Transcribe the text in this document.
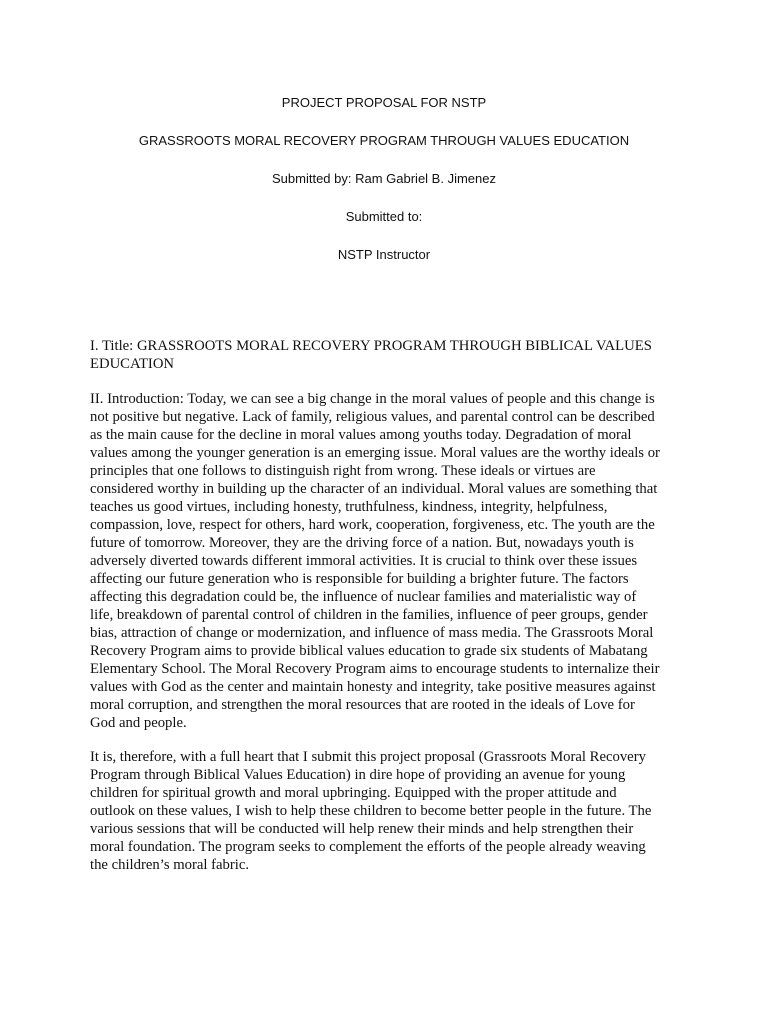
PROJECT PROPOSAL FOR NSTP
GRASSROOTS MORAL RECOVERY PROGRAM THROUGH VALUES EDUCATION
Submitted by: Ram Gabriel B. Jimenez
Submitted to:
NSTP Instructor
I. Title: GRASSROOTS MORAL RECOVERY PROGRAM THROUGH BIBLICAL VALUES
EDUCATION
II. Introduction: Today, we can see a big change in the moral values of people and this change is
not positive but negative. Lack of family, religious values, and parental control can be described
as the main cause for the decline in moral values among youths today. Degradation of moral
values among the younger generation is an emerging issue. Moral values are the worthy ideals or
principles that one follows to distinguish right from wrong. These ideals or virtues are
considered worthy in building up the character of an individual. Moral values are something that
teaches us good virtues, including honesty, truthfulness, kindness, integrity, helpfulness,
compassion, love, respect for others, hard work, cooperation, forgiveness, etc. The youth are the
future of tomorrow. Moreover, they are the driving force of a nation. But, nowadays youth is
adversely diverted towards different immoral activities. It is crucial to think over these issues
affecting our future generation who is responsible for building a brighter future. The factors
affecting this degradation could be, the influence of nuclear families and materialistic way of
life, breakdown of parental control of children in the families, influence of peer groups, gender
bias, attraction of change or modernization, and influence of mass media. The Grassroots Moral
Recovery Program aims to provide biblical values education to grade six students of Mabatang
Elementary School. The Moral Recovery Program aims to encourage students to internalize their
values with God as the center and maintain honesty and integrity, take positive measures against
moral corruption, and strengthen the moral resources that are rooted in the ideals of Love for
God and people.
It is, therefore, with a full heart that I submit this project proposal (Grassroots Moral Recovery
Program through Biblical Values Education) in dire hope of providing an avenue for young
children for spiritual growth and moral upbringing. Equipped with the proper attitude and
outlook on these values, I wish to help these children to become better people in the future. The
various sessions that will be conducted will help renew their minds and help strengthen their
moral foundation. The program seeks to complement the efforts of the people already weaving
the children’s moral fabric.
